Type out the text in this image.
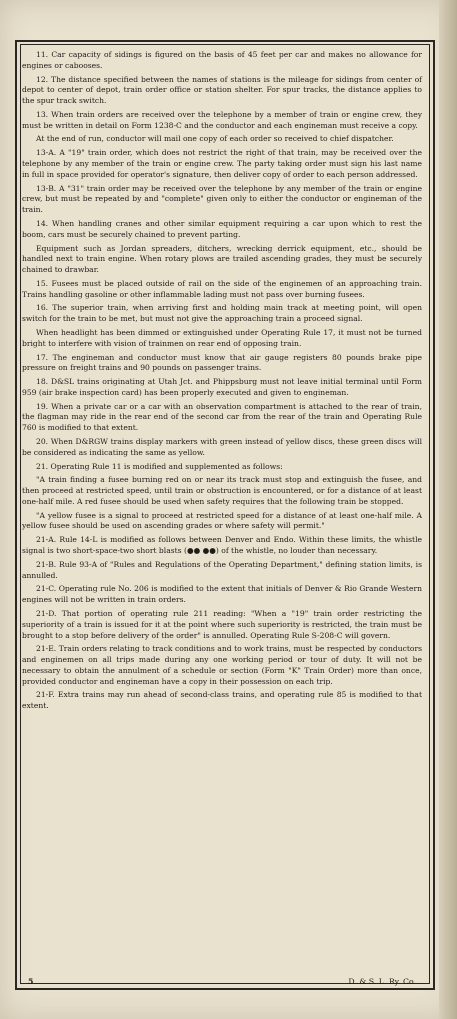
11. Car capacity of sidings is figured on the basis of 45 feet per car and makes no allowance for engines or cabooses.

12. The distance specified between the names of stations is the mileage for sidings from center of depot to center of depot, train order office or station shelter. For spur tracks, the distance applies to the spur track switch.

13. When train orders are received over the telephone by a member of train or engine crew, they must be written in detail on Form 1238-C and the conductor and each engineman must receive a copy.

At the end of run, conductor will mail one copy of each order so received to chief dispatcher.

13-A. A "19" train order, which does not restrict the right of that train, may be received over the telephone by any member of the train or engine crew. The party taking order must sign his last name in full in space provided for operator's signature, then deliver copy of order to each person addressed.

13-B. A "31" train order may be received over the telephone by any member of the train or engine crew, but must be repeated by and "complete" given only to either the conductor or engineman of the train.

14. When handling cranes and other similar equipment requiring a car upon which to rest the boom, cars must be securely chained to prevent parting.

Equipment such as Jordan spreaders, ditchers, wrecking derrick equipment, etc., should be handled next to train engine. When rotary plows are trailed ascending grades, they must be securely chained to drawbar.

15. Fusees must be placed outside of rail on the side of the enginemen of an approaching train. Trains handling gasoline or other inflammable lading must not pass over burning fusees.

16. The superior train, when arriving first and holding main track at meeting point, will open switch for the train to be met, but must not give the approaching train a proceed signal.

When headlight has been dimmed or extinguished under Operating Rule 17, it must not be turned bright to interfere with vision of trainmen on rear end of opposing train.

17. The engineman and conductor must know that air gauge registers 80 pounds brake pipe pressure on freight trains and 90 pounds on passenger trains.

18. D&SL trains originating at Utah Jct. and Phippsburg must not leave initial terminal until Form 959 (air brake inspection card) has been properly executed and given to engineman.

19. When a private car or a car with an observation compartment is attached to the rear of train, the flagman may ride in the rear end of the second car from the rear of the train and Operating Rule 760 is modified to that extent.

20. When D&RGW trains display markers with green instead of yellow discs, these green discs will be considered as indicating the same as yellow.

21. Operating Rule 11 is modified and supplemented as follows:

"A train finding a fusee burning red on or near its track must stop and extinguish the fusee, and then proceed at restricted speed, until train or obstruction is encountered, or for a distance of at least one-half mile. A red fusee should be used when safety requires that the following train be stopped.

"A yellow fusee is a signal to proceed at restricted speed for a distance of at least one-half mile. A yellow fusee should be used on ascending grades or where safety will permit."

21-A. Rule 14-L is modified as follows between Denver and Endo. Within these limits, the whistle signal is two short-space-two short blasts (●● ●●) of the whistle, no louder than necessary.

21-B. Rule 93-A of "Rules and Regulations of the Operating Department," defining station limits, is annulled.

21-C. Operating rule No. 206 is modified to the extent that initials of Denver & Rio Grande Western engines will not be written in train orders.

21-D. That portion of operating rule 211 reading: "When a "19" train order restricting the superiority of a train is issued for it at the point where such superiority is restricted, the train must be brought to a stop before delivery of the order" is annulled. Operating Rule S-208-C will govern.

21-E. Train orders relating to track conditions and to work trains, must be respected by conductors and enginemen on all trips made during any one working period or tour of duty. It will not be necessary to obtain the annulment of a schedule or section (Form "K" Train Order) more than once, provided conductor and engineman have a copy in their possession on each trip.

21-F. Extra trains may run ahead of second-class trains, and operating rule 85 is modified to that extent.

5	D. & S. L. Ry. Co.
